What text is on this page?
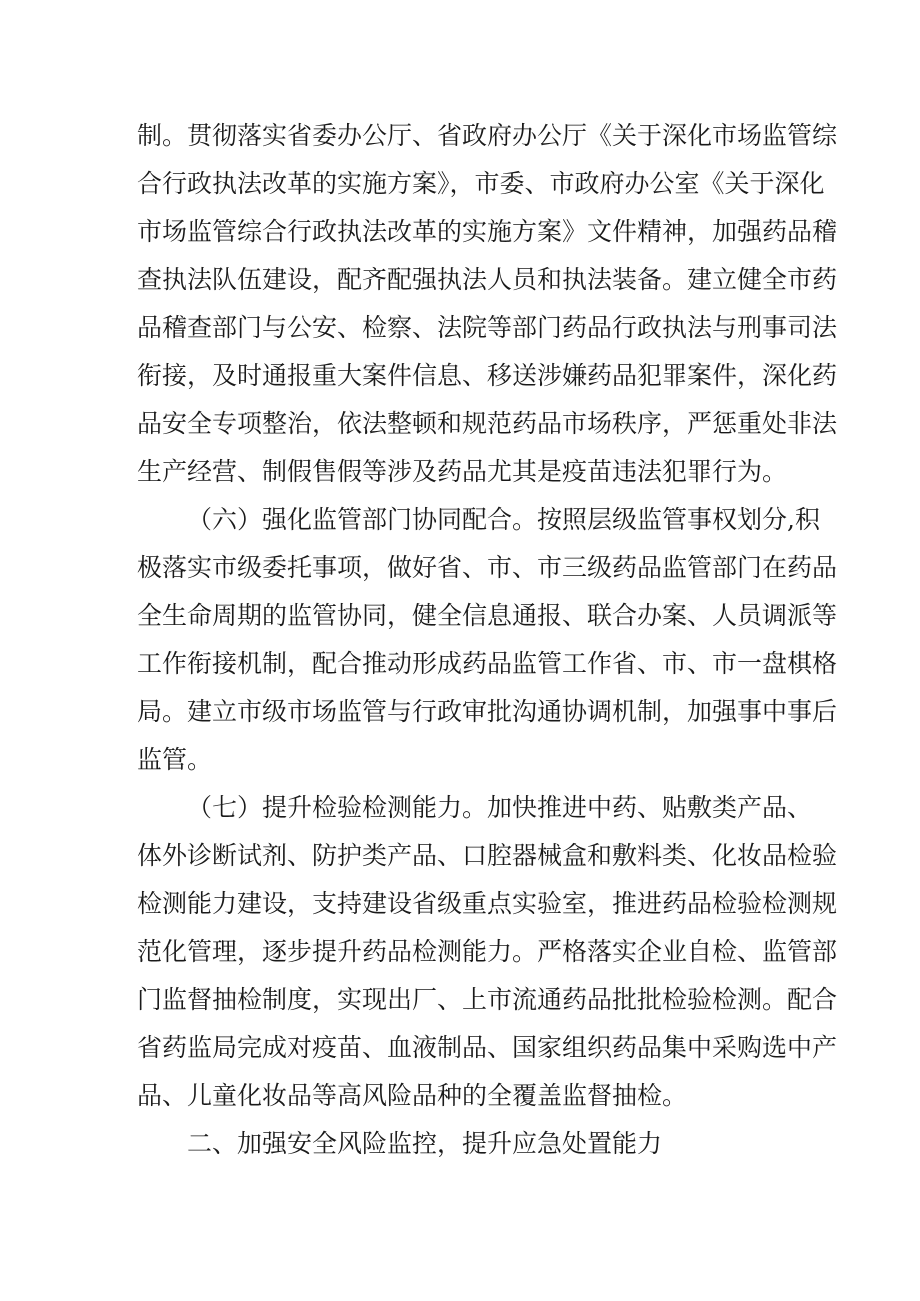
制。贯彻落实省委办公厅、省政府办公厅《关于深化市场监管综
合行政执法改革的实施方案》，市委、市政府办公室《关于深化
市场监管综合行政执法改革的实施方案》文件精神，加强药品稽
查执法队伍建设，配齐配强执法人员和执法装备。建立健全市药
品稽查部门与公安、检察、法院等部门药品行政执法与刑事司法
衔接，及时通报重大案件信息、移送涉嫌药品犯罪案件，深化药
品安全专项整治，依法整顿和规范药品市场秩序，严惩重处非法
生产经营、制假售假等涉及药品尤其是疫苗违法犯罪行为。
（六）强化监管部门协同配合。按照层级监管事权划分,积
极落实市级委托事项，做好省、市、市三级药品监管部门在药品
全生命周期的监管协同，健全信息通报、联合办案、人员调派等
工作衔接机制，配合推动形成药品监管工作省、市、市一盘棋格
局。建立市级市场监管与行政审批沟通协调机制，加强事中事后
监管。
（七）提升检验检测能力。加快推进中药、贴敷类产品、
体外诊断试剂、防护类产品、口腔器械盒和敷料类、化妆品检验
检测能力建设，支持建设省级重点实验室，推进药品检验检测规
范化管理，逐步提升药品检测能力。严格落实企业自检、监管部
门监督抽检制度，实现出厂、上市流通药品批批检验检测。配合
省药监局完成对疫苗、血液制品、国家组织药品集中采购选中产
品、儿童化妆品等高风险品种的全覆盖监督抽检。
二、加强安全风险监控，提升应急处置能力
